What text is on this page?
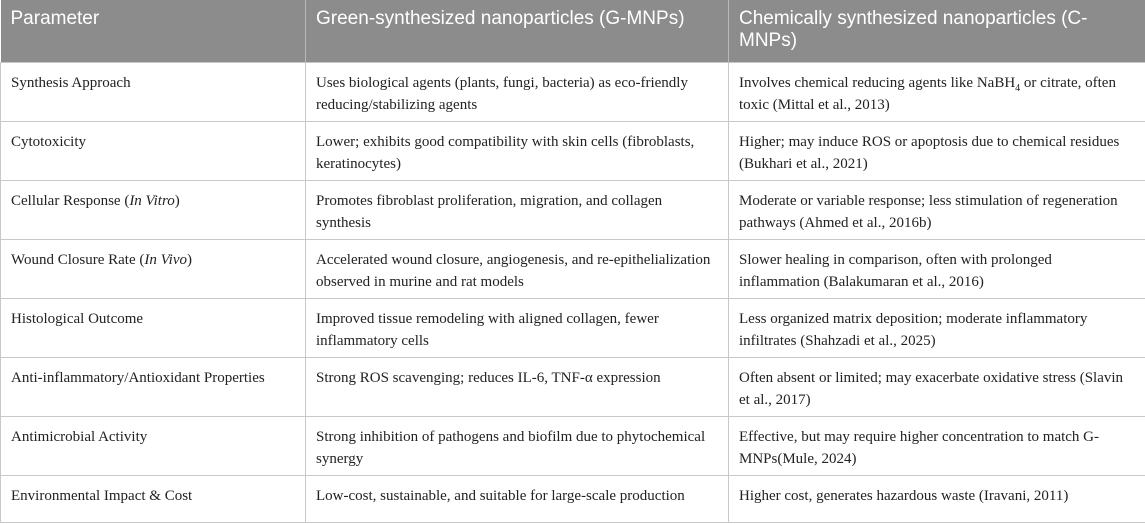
Parameter	Green-synthesized nanoparticles (G-MNPs)	Chemically synthesized nanoparticles (C-MNPs)
Synthesis Approach	Uses biological agents (plants, fungi, bacteria) as eco-friendly reducing/stabilizing agents	Involves chemical reducing agents like NaBH$_4$ or citrate, often toxic (Mittal et al., 2013)
Cytotoxicity	Lower; exhibits good compatibility with skin cells (fibroblasts, keratinocytes)	Higher; may induce ROS or apoptosis due to chemical residues (Bukhari et al., 2021)
Cellular Response (In Vitro)	Promotes fibroblast proliferation, migration, and collagen synthesis	Moderate or variable response; less stimulation of regeneration pathways (Ahmed et al., 2016b)
Wound Closure Rate (In Vivo)	Accelerated wound closure, angiogenesis, and re-epithelialization observed in murine and rat models	Slower healing in comparison, often with prolonged inflammation (Balakumaran et al., 2016)
Histological Outcome	Improved tissue remodeling with aligned collagen, fewer inflammatory cells	Less organized matrix deposition; moderate inflammatory infiltrates (Shahzadi et al., 2025)
Anti-inflammatory/Antioxidant Properties	Strong ROS scavenging; reduces IL-6, TNF-α expression	Often absent or limited; may exacerbate oxidative stress (Slavin et al., 2017)
Antimicrobial Activity	Strong inhibition of pathogens and biofilm due to phytochemical synergy	Effective, but may require higher concentration to match G-MNPs(Mule, 2024)
Environmental Impact & Cost	Low-cost, sustainable, and suitable for large-scale production	Higher cost, generates hazardous waste (Iravani, 2011)
